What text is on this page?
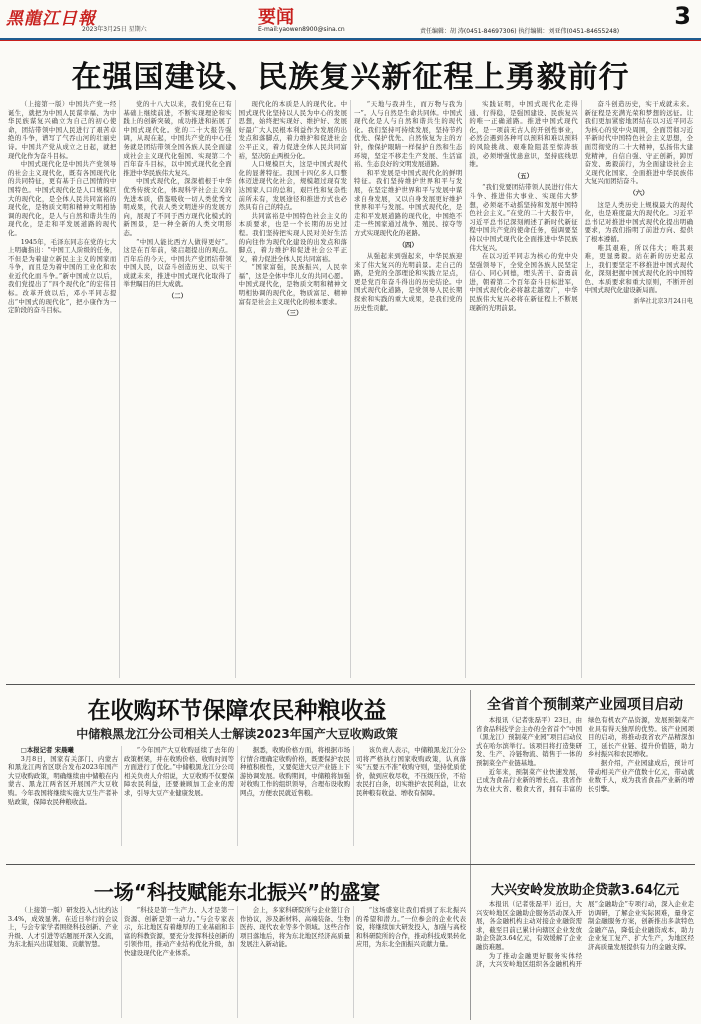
黑龍江日報
2023年3月25日 星期六
要闻
E-mail:yaowen8900@sina.cn	责任编辑：胡 涛(0451-84697306) 执行编辑：刘亚伟(0451-84655248)
3
在强国建设、民族复兴新征程上勇毅前行

（上接第一版）中国共产党一经诞生，就把为中国人民谋幸福、为中华民族谋复兴确立为自己的初心使命，团结带领中国人民进行了艰苦卓绝的斗争，谱写了气吞山河的壮丽史诗。中国共产党从成立之日起，就把现代化作为奋斗目标。

中国式现代化是中国共产党领导的社会主义现代化，既有各国现代化的共同特征，更有基于自己国情的中国特色。中国式现代化是人口规模巨大的现代化，是全体人民共同富裕的现代化，是物质文明和精神文明相协调的现代化，是人与自然和谐共生的现代化，是走和平发展道路的现代化。

1945年，毛泽东同志在党的七大上明确指出：“中国工人阶级的任务，不但是为着建立新民主主义的国家而斗争，而且是为着中国的工业化和农业近代化而斗争。”新中国成立以后，我们党提出了“四个现代化”的宏伟目标。改革开放以后，邓小平同志提出“中国式的现代化”，把小康作为一定阶段的奋斗目标。

党的十八大以来，我们党在已有基础上继续前进，不断实现理论和实践上的创新突破，成功推进和拓展了中国式现代化。党的二十大报告强调，从现在起，中国共产党的中心任务就是团结带领全国各族人民全面建成社会主义现代化强国、实现第二个百年奋斗目标，以中国式现代化全面推进中华民族伟大复兴。

中国式现代化，深深植根于中华优秀传统文化，体现科学社会主义的先进本质，借鉴吸收一切人类优秀文明成果，代表人类文明进步的发展方向，展现了不同于西方现代化模式的新图景，是一种全新的人类文明形态。

“中国人能比西方人做得更好”。这是在百年前，梁启超提出的观点。百年后的今天，中国共产党团结带领中国人民，以奋斗创造历史、以实干成就未来，推进中国式现代化取得了举世瞩目的巨大成就。

（二）

现代化的本质是人的现代化。中国式现代化坚持以人民为中心的发展思想，始终把实现好、维护好、发展好最广大人民根本利益作为发展的出发点和落脚点，着力维护和促进社会公平正义，着力促进全体人民共同富裕，坚决防止两极分化。

人口规模巨大，这是中国式现代化的显著特征。我国十四亿多人口整体迈进现代化社会，规模超过现有发达国家人口的总和，艰巨性和复杂性前所未有，发展途径和推进方式也必然具有自己的特点。

共同富裕是中国特色社会主义的本质要求，也是一个长期的历史过程。我们坚持把实现人民对美好生活的向往作为现代化建设的出发点和落脚点，着力维护和促进社会公平正义，着力促进全体人民共同富裕。

“国家富强，民族振兴，人民幸福”，这是全体中华儿女的共同心愿。中国式现代化，是物质文明和精神文明相协调的现代化，物质富足、精神富有是社会主义现代化的根本要求。

（三）

“天地与我并生，而万物与我为一”。人与自然是生命共同体。中国式现代化是人与自然和谐共生的现代化。我们坚持可持续发展，坚持节约优先、保护优先、自然恢复为主的方针，像保护眼睛一样保护自然和生态环境，坚定不移走生产发展、生活富裕、生态良好的文明发展道路。

和平发展是中国式现代化的鲜明特征。我们坚持维护世界和平与发展，在坚定维护世界和平与发展中谋求自身发展，又以自身发展更好维护世界和平与发展。中国式现代化，是走和平发展道路的现代化，中国绝不走一些国家通过战争、殖民、掠夺等方式实现现代化的老路。

（四）

从强起来到强起来，中华民族迎来了伟大复兴的光明前景。走自己的路，是党的全部理论和实践立足点，更是党百年奋斗得出的历史结论。中国式现代化道路，是党领导人民长期探索和实践的重大成果，是我们党的历史性贡献。

实践证明，中国式现代化走得通、行得稳，是强国建设、民族复兴的唯一正确道路。推进中国式现代化，是一项前无古人的开创性事业，必然会遇到各种可以预料和难以预料的风险挑战、艰难险阻甚至惊涛骇浪，必须增强忧患意识，坚持底线思维。

（五）

“我们党要团结带领人民进行伟大斗争、推进伟大事业、实现伟大梦想，必须毫不动摇坚持和发展中国特色社会主义。”在党的二十大报告中，习近平总书记深刻阐述了新时代新征程中国共产党的使命任务，强调要坚持以中国式现代化全面推进中华民族伟大复兴。

在以习近平同志为核心的党中央坚强领导下，全党全国各族人民坚定信心、同心同德，埋头苦干、奋勇前进，朝着第二个百年奋斗目标进军，中国式现代化必将越走越宽广，中华民族伟大复兴必将在新征程上不断展现新的光明前景。

奋斗创造历史，实干成就未来。新征程是充满光荣和梦想的远征。让我们更加紧密地团结在以习近平同志为核心的党中央周围，全面贯彻习近平新时代中国特色社会主义思想，全面贯彻党的二十大精神，弘扬伟大建党精神，自信自强、守正创新，踔厉奋发、勇毅前行，为全面建设社会主义现代化国家、全面推进中华民族伟大复兴而团结奋斗。

（六）

这是人类历史上规模最大的现代化，也是难度最大的现代化。习近平总书记对推进中国式现代化提出明确要求，为我们指明了前进方向、提供了根本遵循。

唯其艰难，所以伟大；唯其艰难，更显勇毅。站在新的历史起点上，我们要坚定不移推进中国式现代化，深刻把握中国式现代化的中国特色、本质要求和重大原则，不断开创中国式现代化建设新局面。

新华社北京3月24日电
在收购环节保障农民种粮收益
中储粮黑龙江分公司相关人士解读2023年国产大豆收购政策

□本报记者 宋晨曦

3月8日，国家有关部门、内蒙古和黑龙江两省区联合发布2023年国产大豆收购政策，明确继续由中储粮在内蒙古、黑龙江两省区开展国产大豆收购。今年我国将继续实施大豆生产者补贴政策，保障农民种粮收益。

“今年国产大豆收购延续了去年的政策框架，并在收购价格、收购时间等方面进行了优化。”中储粮黑龙江分公司相关负责人介绍说，大豆收购不仅要保障农民利益，还要兼顾加工企业的需求，引导大豆产业健康发展。

据悉，收购价格方面，将根据市场行情合理确定收购价格，既要保护农民种植积极性，又要促进大豆产业链上下游协调发展。收购期间，中储粮将加强对收购工作的组织领导，合理布设收购网点，方便农民就近售粮。

该负责人表示，中储粮黑龙江分公司将严格执行国家收购政策，认真落实“五要五不准”收购守则，坚持优质优价，做到应收尽收，不压级压价，不给农民打白条，切实维护农民利益，让农民种粮有收益、增收有保障。

全省首个预制菜产业园项目启动

本报讯（记者张磊平）23日，由省食品科技学会主办的全省首个“中国（黑龙江）预制菜产业园”项目启动仪式在哈尔滨举行。该项目将打造集研发、生产、冷链物流、销售于一体的预制菜全产业链基地。

近年来，预制菜产业快速发展，已成为食品行业新的增长点。我省作为农业大省、粮食大省，拥有丰富的绿色有机农产品资源，发展预制菜产业具有得天独厚的优势。该产业园项目的启动，将推动我省农产品精深加工，延长产业链、提升价值链，助力乡村振兴和农民增收。

据介绍，产业园建成后，预计可带动相关产业产值数十亿元，带动就业数千人，成为我省食品产业新的增长引擎。

一场“科技赋能东北振兴”的盛宴

（上接第一版）研发投入占比约达3.4%，成效显著。在近日举行的会议上，与会专家学者围绕科技创新、产业升级、人才引进等话题展开深入交流，为东北振兴出谋划策、贡献智慧。

“科技是第一生产力、人才是第一资源、创新是第一动力。”与会专家表示，东北地区有着雄厚的工业基础和丰富的科教资源，要充分发挥科技创新的引领作用，推动产业结构优化升级，加快建设现代化产业体系。

会上，多家科研院所与企业签订合作协议，涉及新材料、高端装备、生物医药、现代农业等多个领域。这些合作项目落地后，将为东北地区经济高质量发展注入新动能。

“这场盛宴让我们看到了东北振兴的希望和潜力。”一位参会的企业代表说，将继续加大研发投入，加强与高校和科研院所的合作，推动科技成果转化应用，为东北全面振兴贡献力量。

大兴安岭发放助企贷款3.64亿元

本报讯（记者张磊平）近日，大兴安岭地区金融助企服务活动深入开展，各金融机构主动对接企业融资需求，截至目前已累计向辖区企业发放助企贷款3.64亿元，有效缓解了企业融资难题。

为了推动金融更好服务实体经济，大兴安岭地区组织各金融机构开展“金融助企”专项行动，深入企业走访调研，了解企业实际困难，量身定制金融服务方案，创新推出多款特色金融产品，降低企业融资成本，助力企业复工复产、扩大生产，为地区经济高质量发展提供有力的金融支撑。
